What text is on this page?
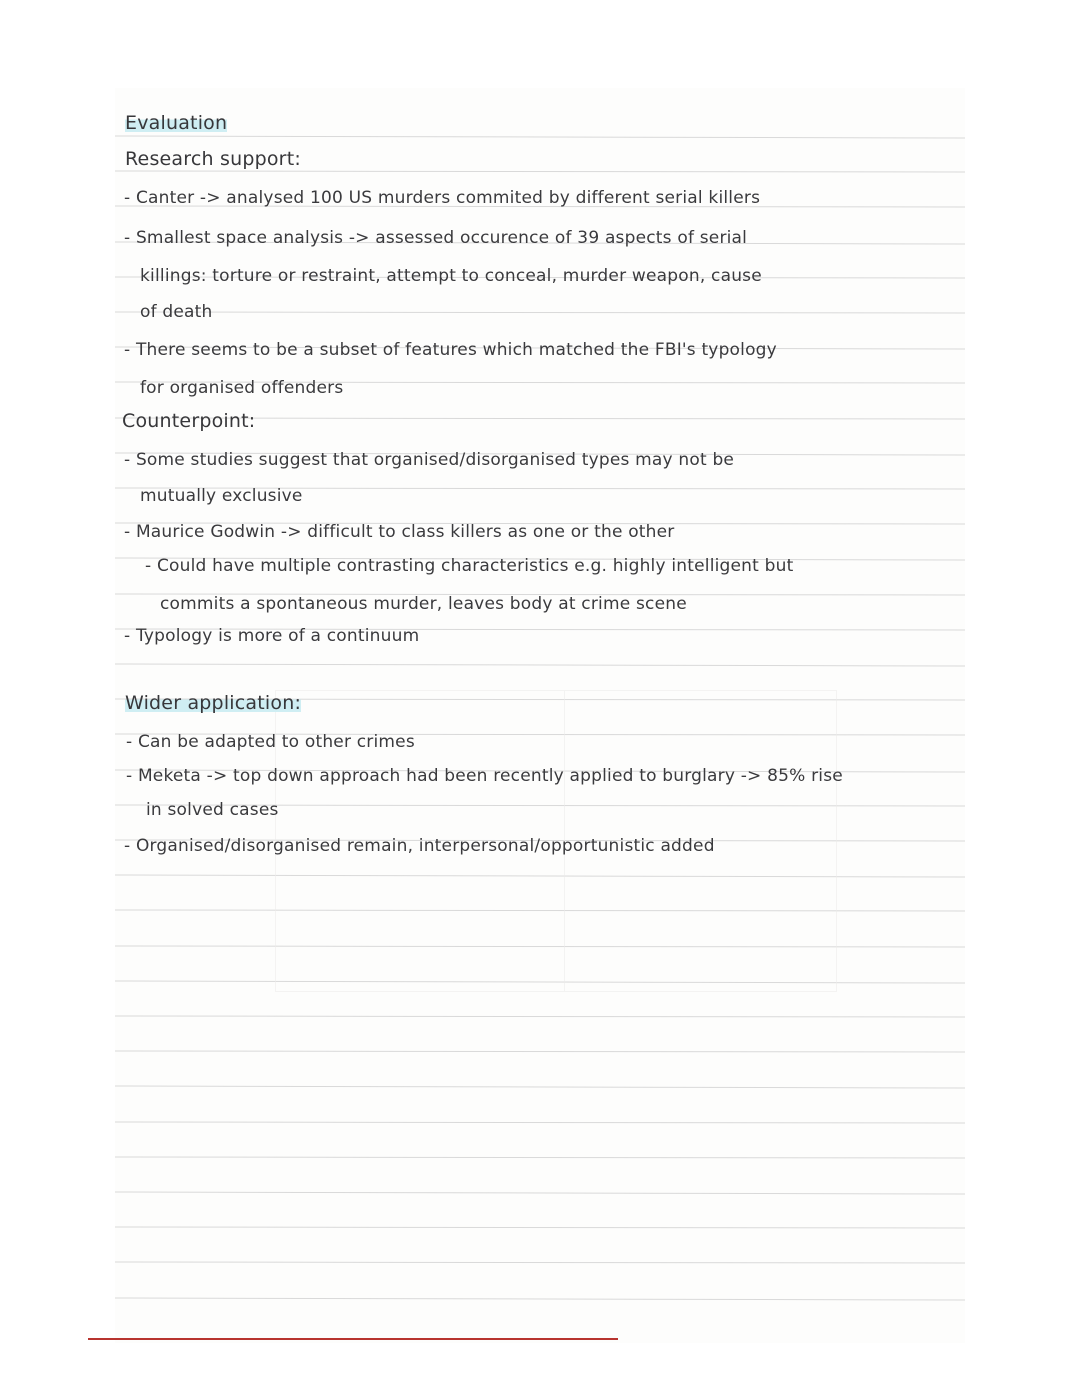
Evaluation
Research support:
- Canter -> analysed 100 US murders commited by different serial killers
- Smallest space analysis -> assessed occurence of 39 aspects of serial
killings: torture or restraint, attempt to conceal, murder weapon, cause
of death
- There seems to be a subset of features which matched the FBI's typology
for organised offenders
Counterpoint:
- Some studies suggest that organised/disorganised types may not be
mutually exclusive
- Maurice Godwin -> difficult to class killers as one or the other
- Could have multiple contrasting characteristics e.g. highly intelligent but
commits a spontaneous murder, leaves body at crime scene
- Typology is more of a continuum
Wider application:
- Can be adapted to other crimes
- Meketa -> top down approach had been recently applied to burglary -> 85% rise
in solved cases
- Organised/disorganised remain, interpersonal/opportunistic added
